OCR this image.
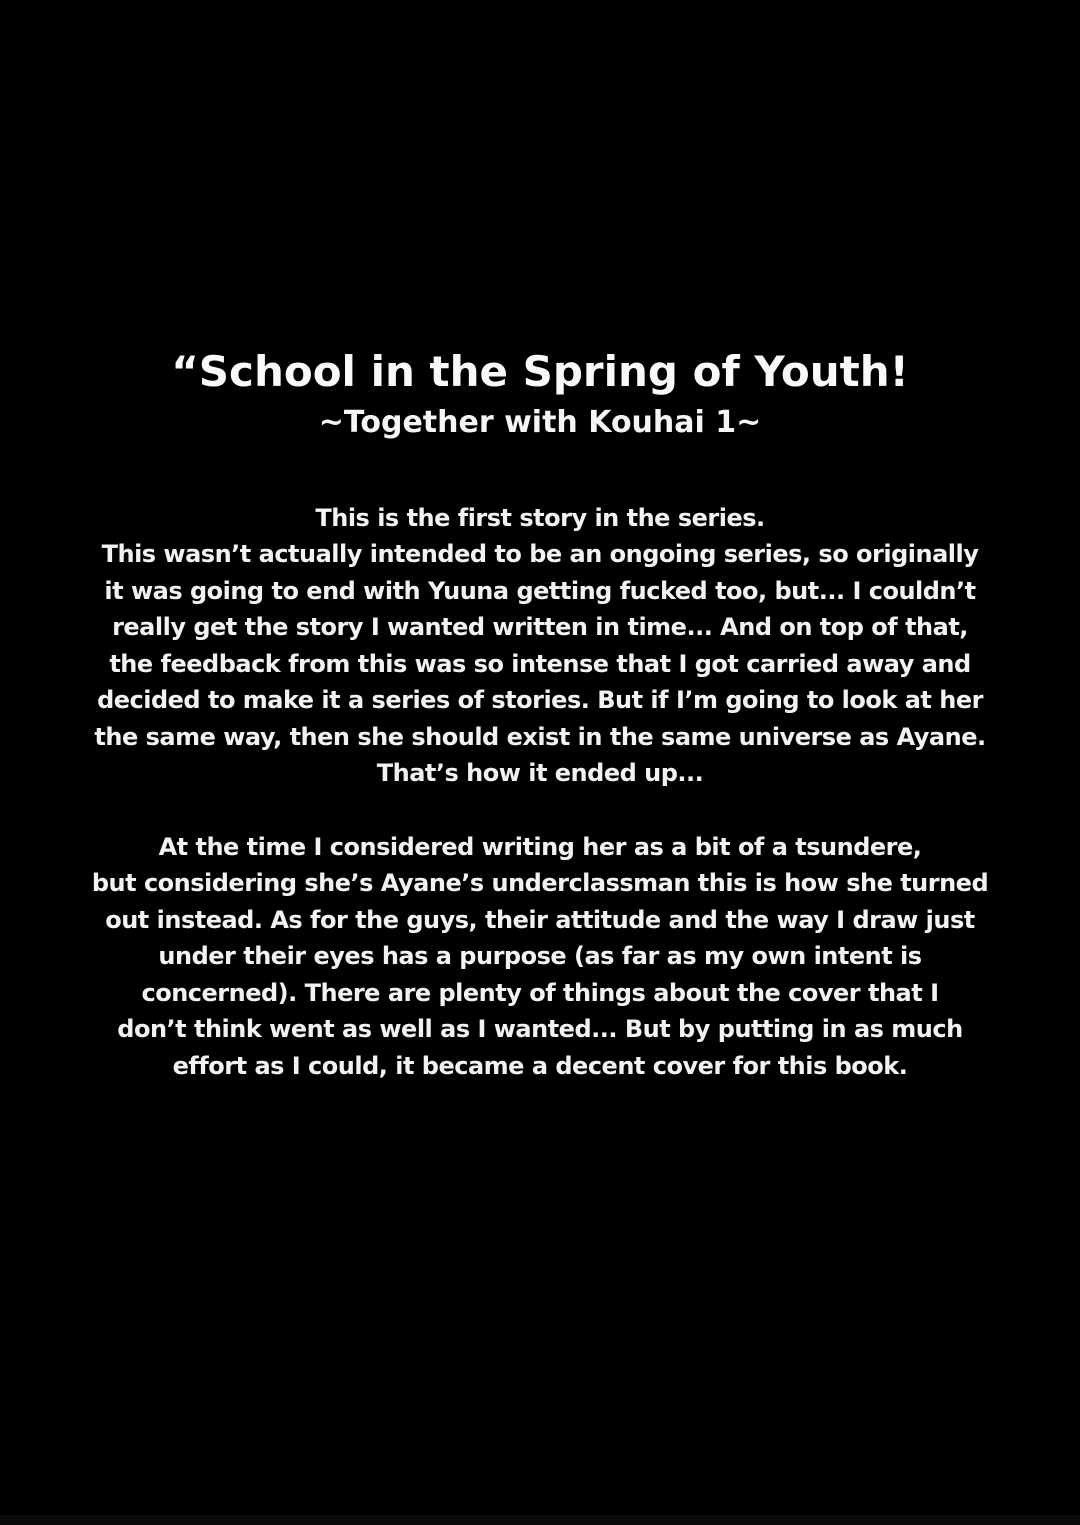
“School in the Spring of Youth!
~Together with Kouhai 1~
This is the first story in the series.
This wasn’t actually intended to be an ongoing series, so originally
it was going to end with Yuuna getting fucked too, but... I couldn’t
really get the story I wanted written in time... And on top of that,
the feedback from this was so intense that I got carried away and
decided to make it a series of stories. But if I’m going to look at her
the same way, then she should exist in the same universe as Ayane.
That’s how it ended up...
At the time I considered writing her as a bit of a tsundere,
but considering she’s Ayane’s underclassman this is how she turned
out instead. As for the guys, their attitude and the way I draw just
under their eyes has a purpose (as far as my own intent is
concerned). There are plenty of things about the cover that I
don’t think went as well as I wanted... But by putting in as much
effort as I could, it became a decent cover for this book.
